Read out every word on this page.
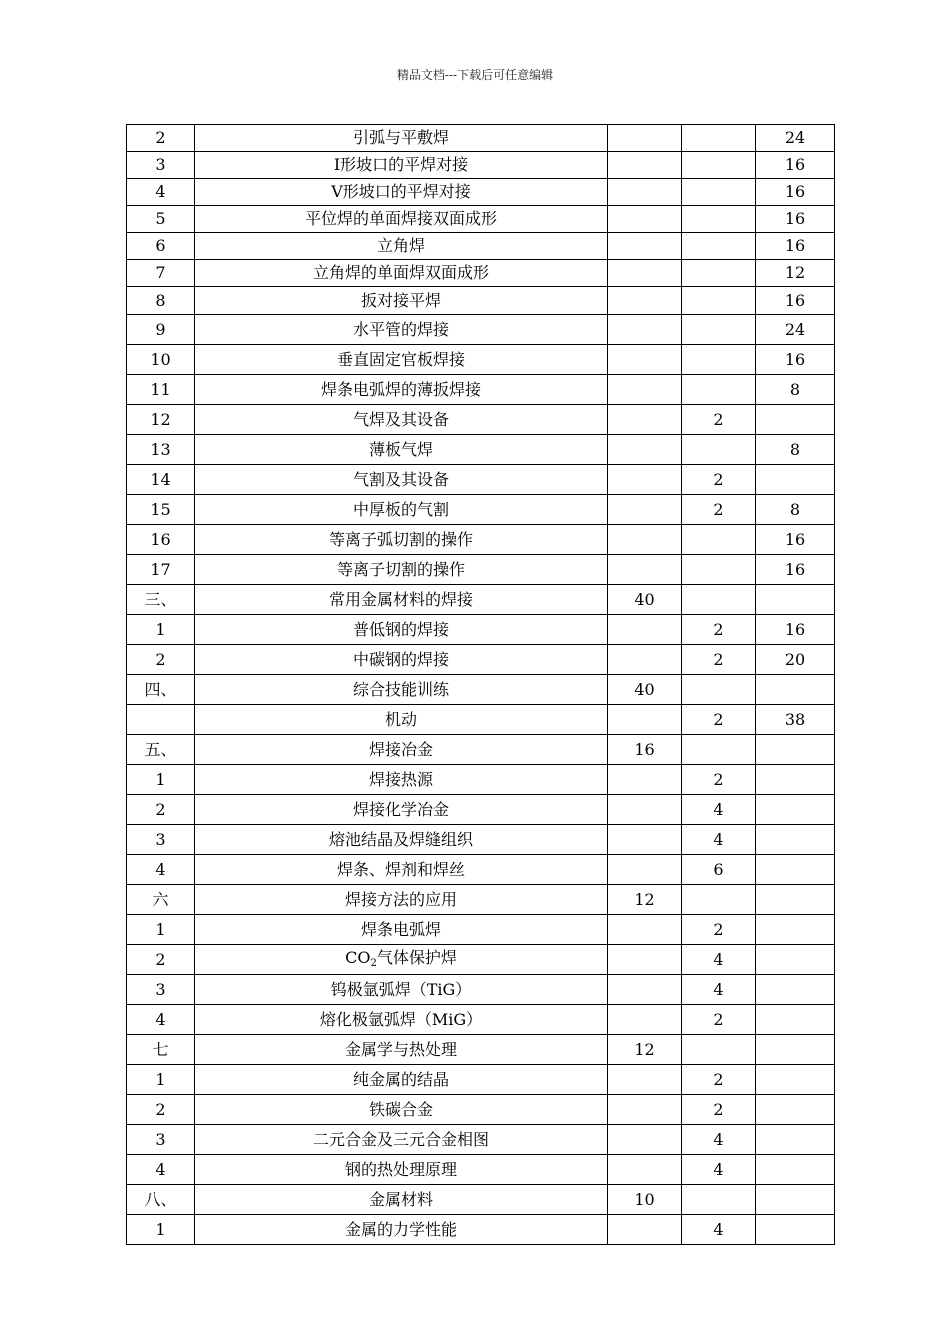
精品文档---下载后可任意编辑
2	引弧与平敷焊			24
3	I形坡口的平焊对接			16
4	V形坡口的平焊对接			16
5	平位焊的单面焊接双面成形			16
6	立角焊			16
7	立角焊的单面焊双面成形			12
8	扳对接平焊			16
9	水平管的焊接			24
10	垂直固定官板焊接			16
11	焊条电弧焊的薄扳焊接			8
12	气焊及其设备		2	
13	薄板气焊			8
14	气割及其设备		2	
15	中厚板的气割		2	8
16	等离子弧切割的操作			16
17	等离子切割的操作			16
三、	常用金属材料的焊接	40		
1	普低钢的焊接		2	16
2	中碳钢的焊接		2	20
四、	综合技能训练	40		
	机动		2	38
五、	焊接冶金	16		
1	焊接热源		2	
2	焊接化学冶金		4	
3	熔池结晶及焊缝组织		4	
4	焊条、焊剂和焊丝		6	
六	焊接方法的应用	12		
1	焊条电弧焊		2	
2	$CO_2$气体保护焊		4	
3	钨极氩弧焊（TiG）		4	
4	熔化极氩弧焊（MiG）		2	
七	金属学与热处理	12		
1	纯金属的结晶		2	
2	铁碳合金		2	
3	二元合金及三元合金相图		4	
4	钢的热处理原理		4	
八、	金属材料	10		
1	金属的力学性能		4	
